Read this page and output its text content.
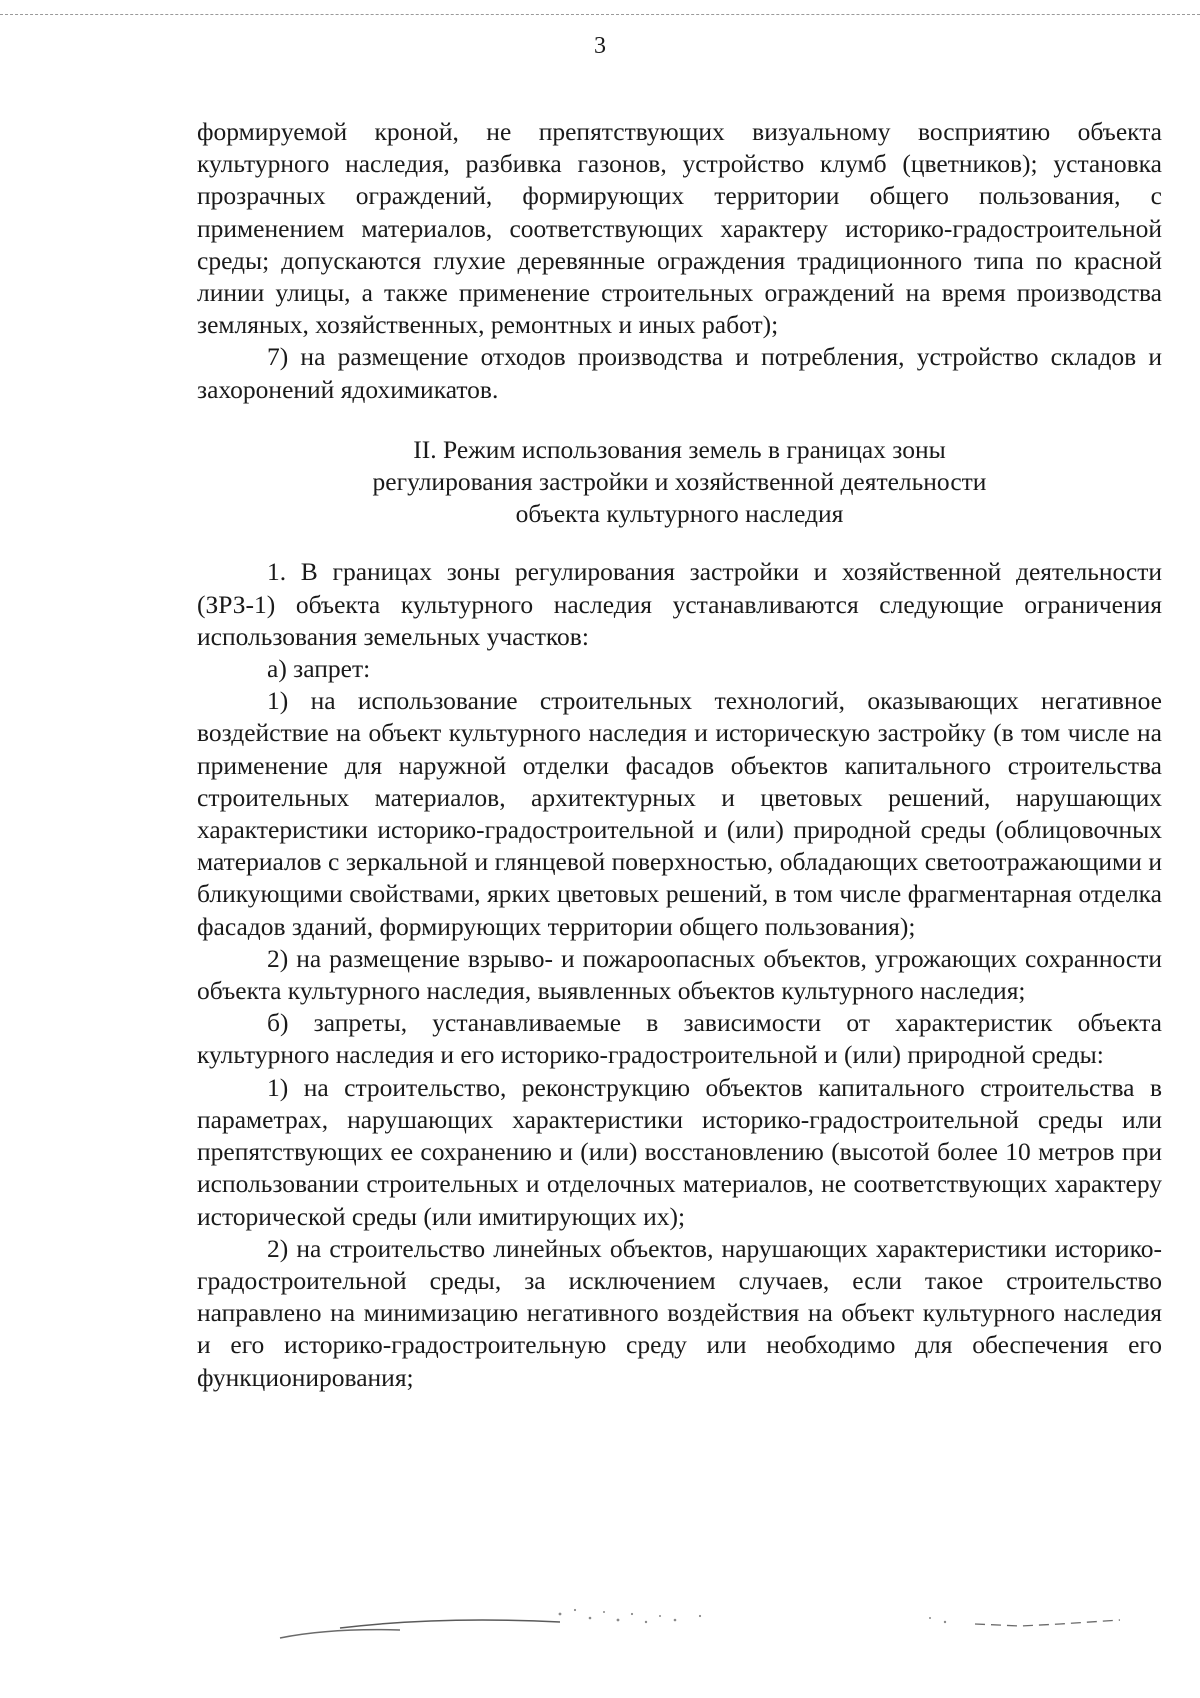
3

формируемой кроной, не препятствующих визуальному восприятию объекта культурного наследия, разбивка газонов, устройство клумб (цветников); установка прозрачных ограждений, формирующих территории общего пользования, с применением материалов, соответствующих характеру историко-градостроительной среды; допускаются глухие деревянные ограждения традиционного типа по красной линии улицы, а также применение строительных ограждений на время производства земляных, хозяйственных, ремонтных и иных работ);

7) на размещение отходов производства и потребления, устройство складов и захоронений ядохимикатов.

II. Режим использования земель в границах зоны
регулирования застройки и хозяйственной деятельности
объекта культурного наследия

1. В границах зоны регулирования застройки и хозяйственной деятельности (ЗРЗ-1) объекта культурного наследия устанавливаются следующие ограничения использования земельных участков:

а) запрет:

1) на использование строительных технологий, оказывающих негативное воздействие на объект культурного наследия и историческую застройку (в том числе на применение для наружной отделки фасадов объектов капитального строительства строительных материалов, архитектурных и цветовых решений, нарушающих характеристики историко-градостроительной и (или) природной среды (облицовочных материалов с зеркальной и глянцевой поверхностью, обладающих светоотражающими и бликующими свойствами, ярких цветовых решений, в том числе фрагментарная отделка фасадов зданий, формирующих территории общего пользования);

2) на размещение взрыво- и пожароопасных объектов, угрожающих сохранности объекта культурного наследия, выявленных объектов культурного наследия;

б) запреты, устанавливаемые в зависимости от характеристик объекта культурного наследия и его историко-градостроительной и (или) природной среды:

1) на строительство, реконструкцию объектов капитального строительства в параметрах, нарушающих характеристики историко-градостроительной среды или препятствующих ее сохранению и (или) восстановлению (высотой более 10 метров при использовании строительных и отделочных материалов, не соответствующих характеру исторической среды (или имитирующих их);

2) на строительство линейных объектов, нарушающих характеристики историко-градостроительной среды, за исключением случаев, если такое строительство направлено на минимизацию негативного воздействия на объект культурного наследия и его историко-градостроительную среду или необходимо для обеспечения его функционирования;
